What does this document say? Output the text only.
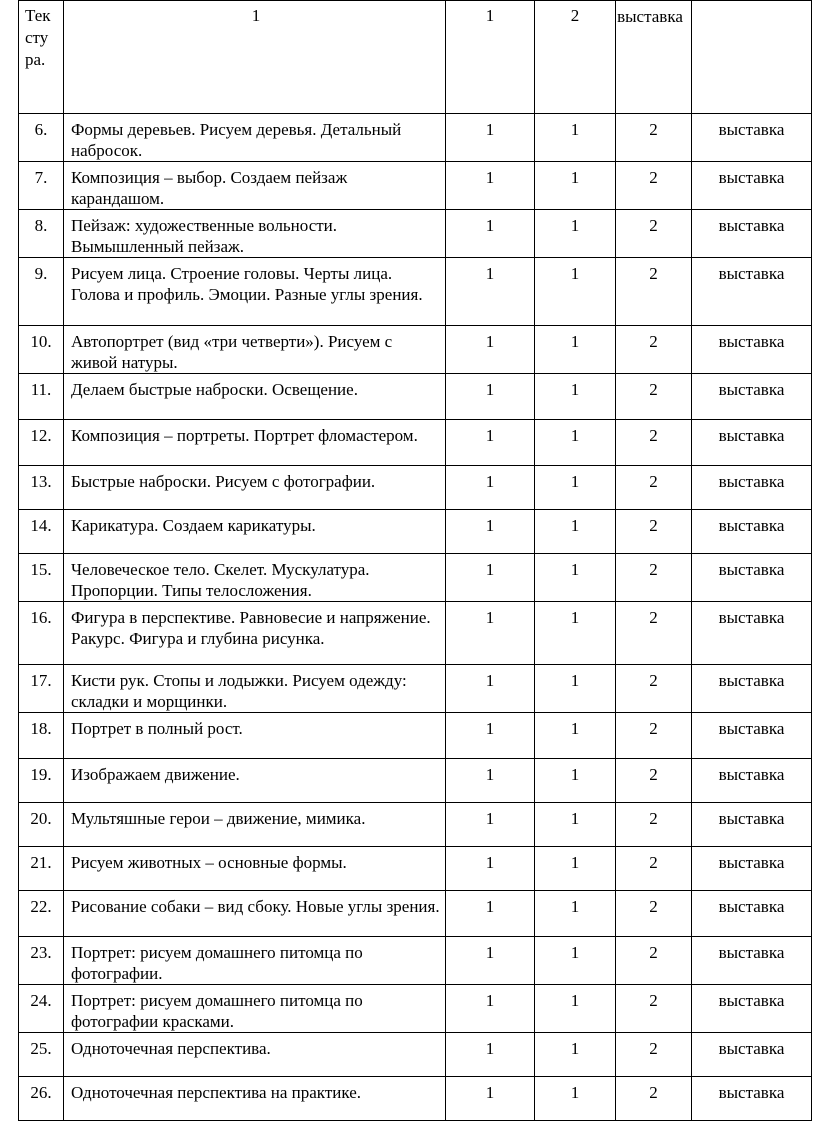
Текстура.	1	1	2	выставка	
6.	Формы деревьев. Рисуем деревья. Детальный набросок.	1	1	2	выставка
7.	Композиция – выбор. Создаем пейзаж карандашом.	1	1	2	выставка
8.	Пейзаж: художественные вольности. Вымышленный пейзаж.	1	1	2	выставка
9.	Рисуем лица. Строение головы. Черты лица. Голова и профиль. Эмоции. Разные углы зрения.	1	1	2	выставка
10.	Автопортрет (вид «три четверти»). Рисуем с живой натуры.	1	1	2	выставка
11.	Делаем быстрые наброски. Освещение.	1	1	2	выставка
12.	Композиция – портреты. Портрет фломастером.	1	1	2	выставка
13.	Быстрые наброски. Рисуем с фотографии.	1	1	2	выставка
14.	Карикатура. Создаем карикатуры.	1	1	2	выставка
15.	Человеческое тело. Скелет. Мускулатура. Пропорции. Типы телосложения.	1	1	2	выставка
16.	Фигура в перспективе. Равновесие и напряжение. Ракурс. Фигура и глубина рисунка.	1	1	2	выставка
17.	Кисти рук. Стопы и лодыжки. Рисуем одежду: складки и морщинки.	1	1	2	выставка
18.	Портрет в полный рост.	1	1	2	выставка
19.	Изображаем движение.	1	1	2	выставка
20.	Мультяшные герои – движение, мимика.	1	1	2	выставка
21.	Рисуем животных – основные формы.	1	1	2	выставка
22.	Рисование собаки – вид сбоку. Новые углы зрения.	1	1	2	выставка
23.	Портрет: рисуем домашнего питомца по фотографии.	1	1	2	выставка
24.	Портрет: рисуем домашнего питомца по фотографии красками.	1	1	2	выставка
25.	Одноточечная перспектива.	1	1	2	выставка
26.	Одноточечная перспектива на практике.	1	1	2	выставка
